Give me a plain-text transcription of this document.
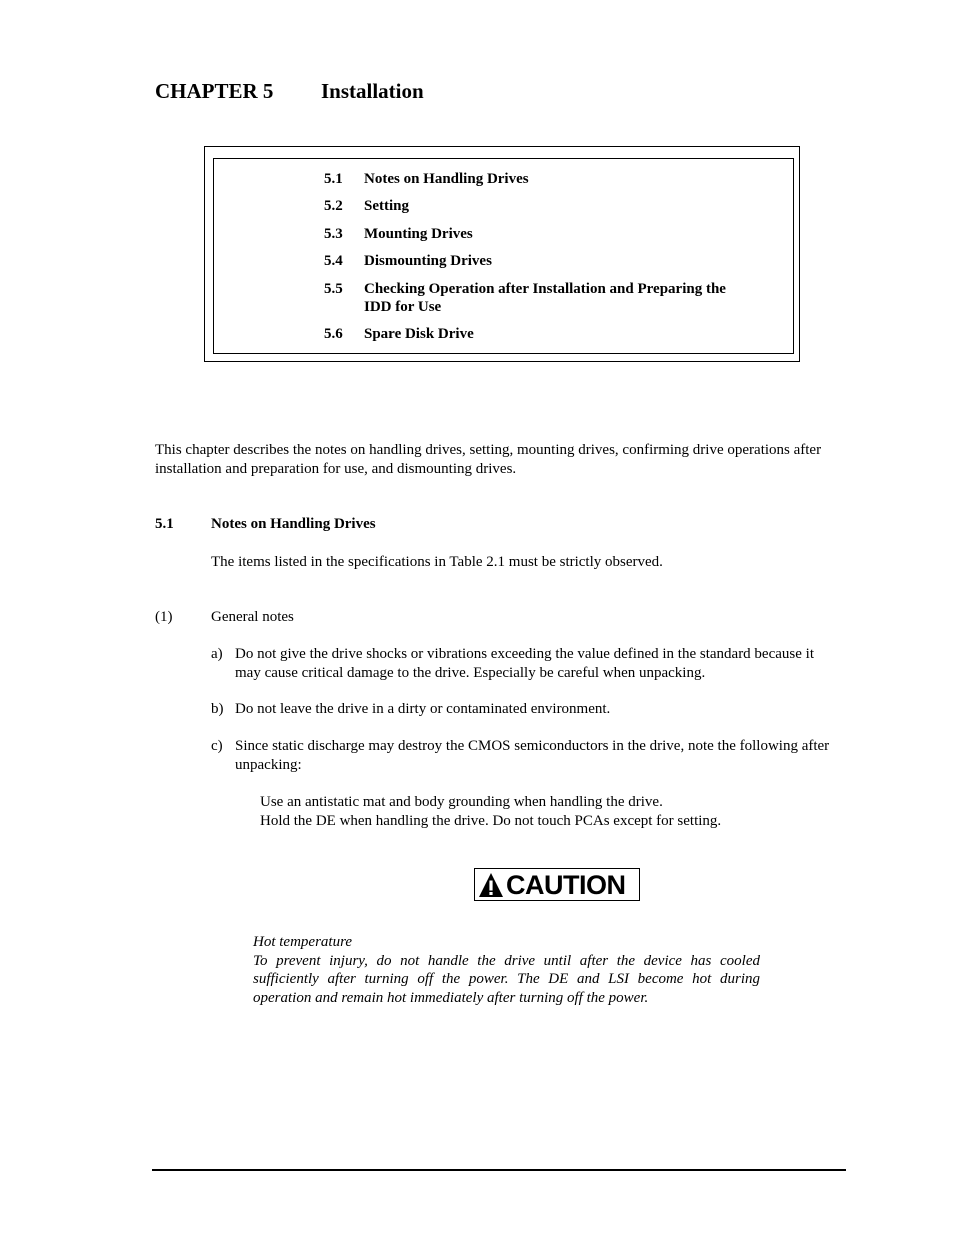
CHAPTER 5 Installation
5.1	Notes on Handling Drives
5.2	Setting
5.3	Mounting Drives
5.4	Dismounting Drives
5.5	Checking Operation after Installation and Preparing the IDD for Use
5.6	Spare Disk Drive
This chapter describes the notes on handling drives, setting, mounting drives, confirming drive operations after installation and preparation for use, and dismounting drives.
5.1 Notes on Handling Drives
The items listed in the specifications in Table 2.1 must be strictly observed.
(1)	General notes
a) Do not give the drive shocks or vibrations exceeding the value defined in the standard because it may cause critical damage to the drive. Especially be careful when unpacking.
b) Do not leave the drive in a dirty or contaminated environment.
c) Since static discharge may destroy the CMOS semiconductors in the drive, note the following after unpacking:
Use an antistatic mat and body grounding when handling the drive.
Hold the DE when handling the drive. Do not touch PCAs except for setting.
CAUTION
Hot temperature
To prevent injury, do not handle the drive until after the device has cooled sufficiently after turning off the power. The DE and LSI become hot during operation and remain hot immediately after turning off the power.
